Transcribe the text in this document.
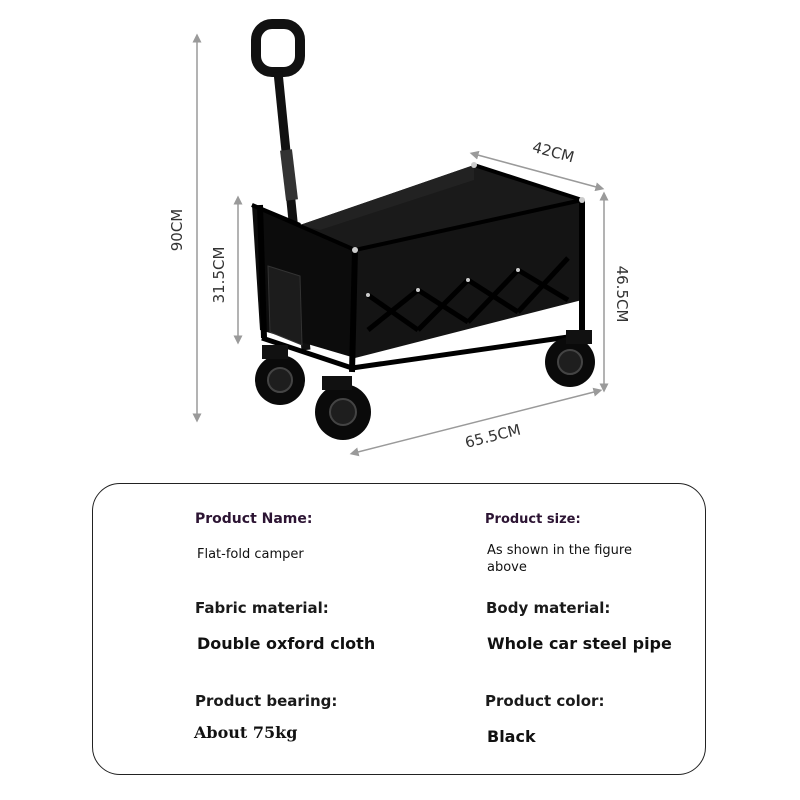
90CM
31.5CM
42CM
46.5CM
65.5CM
Product Name:
Flat-fold camper
Product size:
As shown in the figure above
Fabric material:
Double oxford cloth
Body material:
Whole car steel pipe
Product bearing:
About 75kg
Product color:
Black
